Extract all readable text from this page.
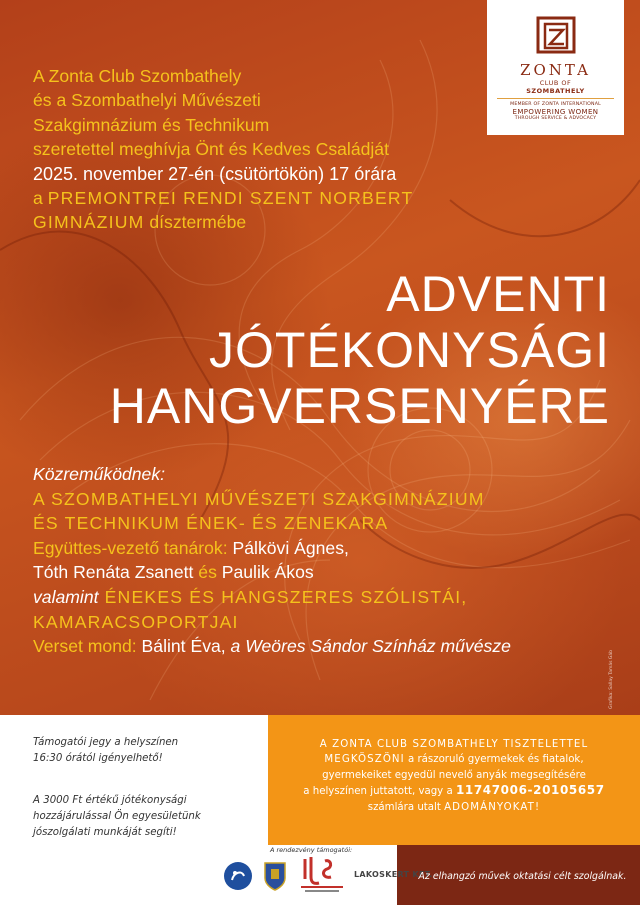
ZONTA
CLUB OF
SZOMBATHELY
MEMBER OF ZONTA INTERNATIONAL
EMPOWERING WOMEN
THROUGH SERVICE & ADVOCACY
A Zonta Club Szombathely
és a Szombathelyi Művészeti
Szakgimnázium és Technikum
szeretettel meghívja Önt és Kedves Családját
2025. november 27-én (csütörtökön) 17 órára
a PREMONTREI RENDI SZENT NORBERT
GIMNÁZIUM dísztermébe
ADVENTI
JÓTÉKONYSÁGI
HANGVERSENYÉRE
Közreműködnek:
A SZOMBATHELYI MŰVÉSZETI SZAKGIMNÁZIUM
ÉS TECHNIKUM ÉNEK- ÉS ZENEKARA
Együttes-vezető tanárok: Pálkövi Ágnes,
Tóth Renáta Zsanett és Paulik Ákos
valamint ÉNEKES ÉS HANGSZERES SZÓLISTÁI,
KAMARACSOPORTJAI
Verset mond: Bálint Éva, a Weöres Sándor Színház művésze
Grafika: Sallay Tamás Gáb
Támogatói jegy a helyszínen
16:30 órától igényelhető!
A 3000 Ft értékű jótékonysági
hozzájárulással Ön egyesületünk
jószolgálati munkáját segíti!
A ZONTA CLUB SZOMBATHELY TISZTELETTEL
MEGKÖSZÖNI a rászoruló gyermekek és fiatalok,
gyermekeiket egyedül nevelő anyák megsegítésére
a helyszínen juttatott, vagy a 11747006-20105657
számlára utalt ADOMÁNYOKAT!
A rendezvény támogatói:
LAKOSKERT KFT.
Az elhangzó művek oktatási célt szolgálnak.
